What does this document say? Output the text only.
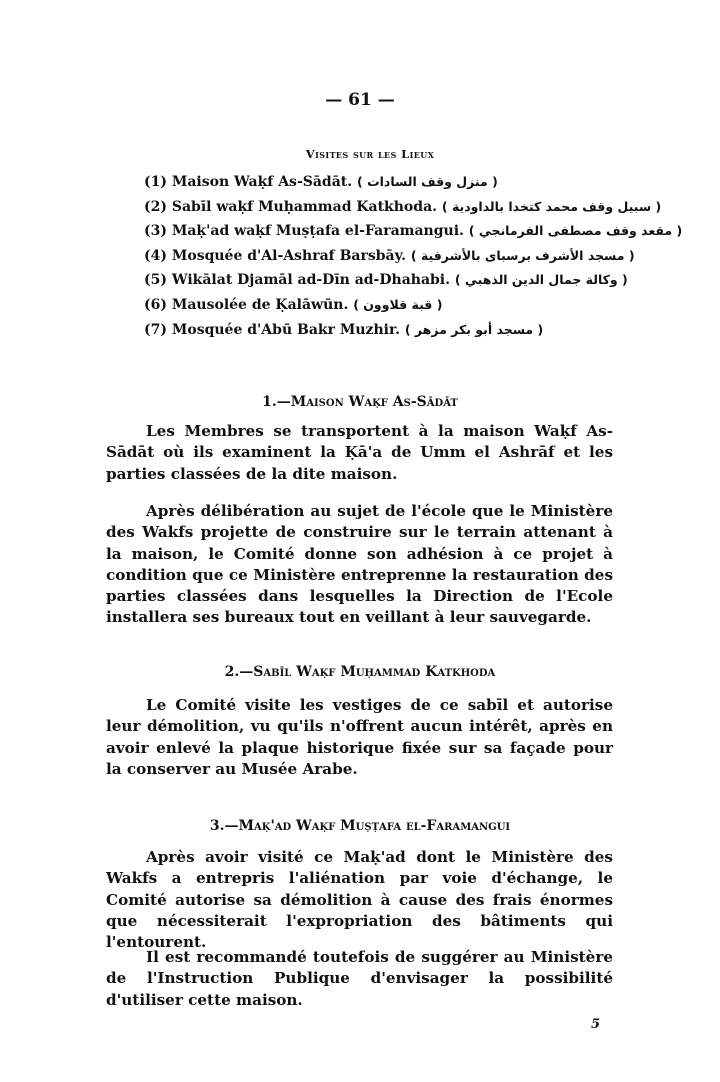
— 61 —
Visites sur les Lieux
(1) Maison Waḳf As-Sādāt. ( منزل وقف السادات )
(2) Sabīl waḳf Muḥammad Katkhoda. ( سبيل وقف محمد كتخدا بالداودية )
(3) Maḳ'ad waḳf Muṣṭafa el-Faramangui. ( مقعد وقف مصطفى الفرمانجي )
(4) Mosquée d'Al-Ashraf Barsbāy. ( مسجد الأشرف برسباى بالأشرفية )
(5) Wikālat Djamāl ad-Dīn ad-Dhahabi. ( وكالة جمال الدين الذهبي )
(6) Mausolée de Ḳalāwūn. ( قبة قلاوون )
(7) Mosquée d'Abū Bakr Muzhir. ( مسجد أبو بكر مزهر )
1.—Maison Waḳf As-Sādāt

Les Membres se transportent à la maison Waḳf As-Sādāt où ils examinent la Ḳā'a de Umm el Ashrāf et les parties classées de la dite maison.

Après délibération au sujet de l'école que le Ministère des Wakfs projette de construire sur le terrain attenant à la maison, le Comité donne son adhésion à ce projet à condition que ce Ministère entreprenne la restauration des parties classées dans lesquelles la Direction de l'Ecole installera ses bureaux tout en veillant à leur sauvegarde.

2.—Sabīl Waḳf Muḥammad Katkhoda

Le Comité visite les vestiges de ce sabīl et autorise leur démolition, vu qu'ils n'offrent aucun intérêt, après en avoir enlevé la plaque historique fixée sur sa façade pour la conserver au Musée Arabe.

3.—Maḳ'ad Waḳf Muṣṭafa el-Faramangui

Après avoir visité ce Maḳ'ad dont le Ministère des Wakfs a entrepris l'aliénation par voie d'échange, le Comité autorise sa démolition à cause des frais énormes que nécessiterait l'expropriation des bâtiments qui l'entourent.

Il est recommandé toutefois de suggérer au Ministère de l'Instruction Publique d'envisager la possibilité d'utiliser cette maison.

5
